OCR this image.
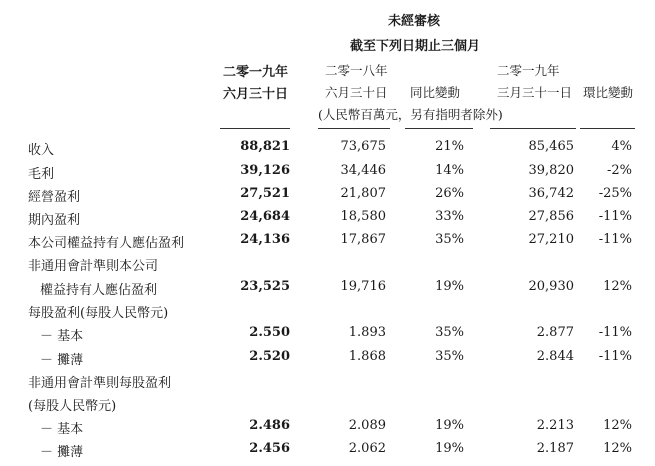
未經審核
截至下列日期止三個月
二零一九年
六月三十日
二零一八年
六月三十日 同比變動
二零一九年
三月三十一日 環比變動
(人民幣百萬元，另有指明者除外)
收入	88,821	73,675	21%	85,465	4%
毛利	39,126	34,446	14%	39,820	-2%
經營盈利	27,521	21,807	26%	36,742 -25%
期內盈利	24,684	18,580	33%	27,856 -11%
本公司權益持有人應佔盈利	24,136	17,867	35%	27,210 -11%
非通用會計準則本公司
權益持有人應佔盈利	23,525	19,716	19%	20,930 12%
每股盈利(每股人民幣元)
－ 基本	2.550	1.893	35%	2.877 -11%
－ 攤薄	2.520	1.868	35%	2.844 -11%
非通用會計準則每股盈利
(每股人民幣元)
－ 基本	2.486	2.089	19%	2.213 12%
－ 攤薄	2.456	2.062	19%	2.187 12%
